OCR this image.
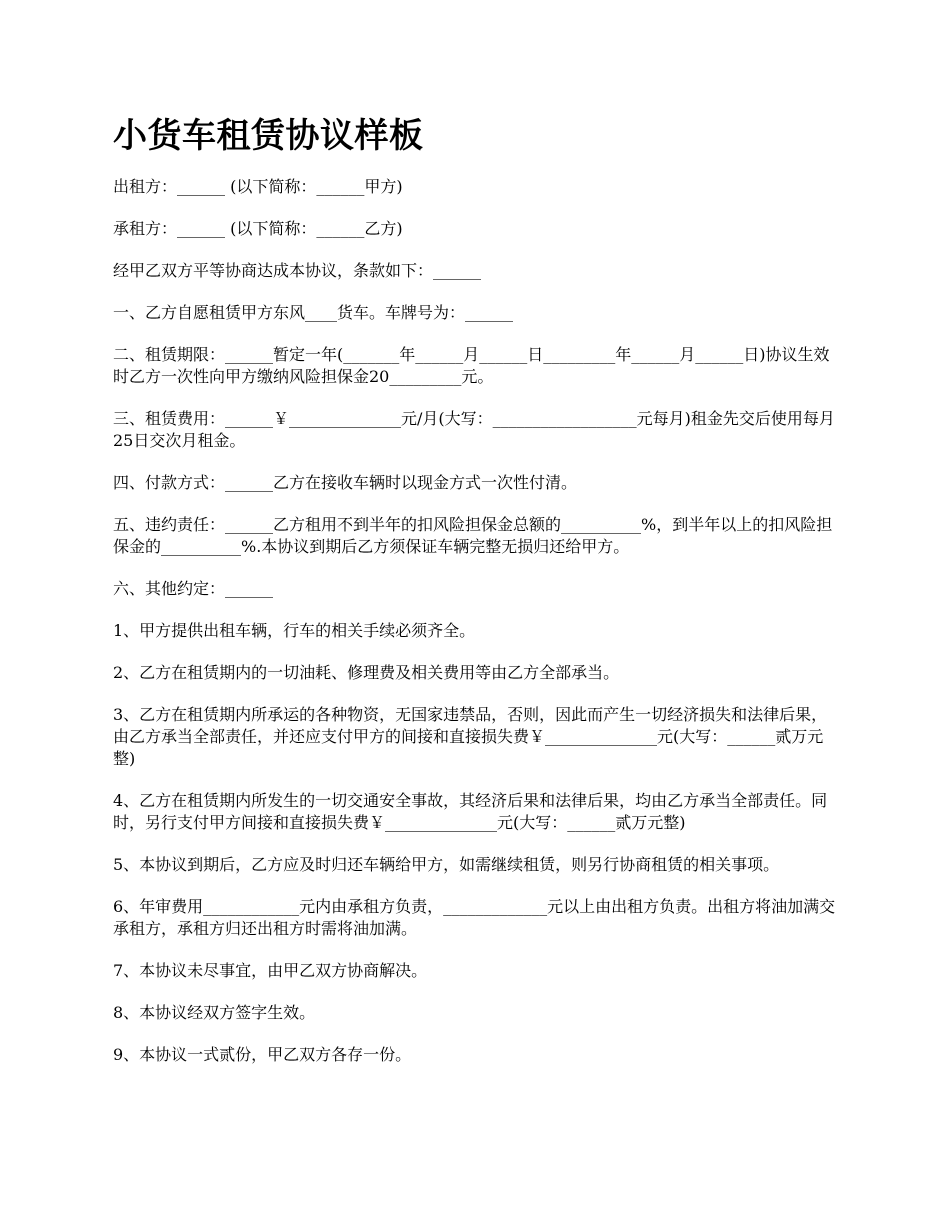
小货车租赁协议样板

出租方：______ (以下简称：______甲方)

承租方：______ (以下简称：______乙方)

经甲乙双方平等协商达成本协议，条款如下：______

一、乙方自愿租赁甲方东风____货车。车牌号为：______

二、租赁期限：______暂定一年(_______年______月______日_________年______月______日)协议生效时乙方一次性向甲方缴纳风险担保金20_________元。

三、租赁费用：______￥______________元/月(大写：__________________元每月)租金先交后使用每月25日交次月租金。

四、付款方式：______乙方在接收车辆时以现金方式一次性付清。

五、违约责任：______乙方租用不到半年的扣风险担保金总额的__________%，到半年以上的扣风险担保金的__________%.本协议到期后乙方须保证车辆完整无损归还给甲方。

六、其他约定：______

1、甲方提供出租车辆，行车的相关手续必须齐全。

2、乙方在租赁期内的一切油耗、修理费及相关费用等由乙方全部承当。

3、乙方在租赁期内所承运的各种物资，无国家违禁品，否则，因此而产生一切经济损失和法律后果，由乙方承当全部责任，并还应支付甲方的间接和直接损失费￥______________元(大写：______贰万元整)

4、乙方在租赁期内所发生的一切交通安全事故，其经济后果和法律后果，均由乙方承当全部责任。同时，另行支付甲方间接和直接损失费￥______________元(大写：______贰万元整)

5、本协议到期后，乙方应及时归还车辆给甲方，如需继续租赁，则另行协商租赁的相关事项。

6、年审费用____________元内由承租方负责，_____________元以上由出租方负责。出租方将油加满交承租方，承租方归还出租方时需将油加满。

7、本协议未尽事宜，由甲乙双方协商解决。

8、本协议经双方签字生效。

9、本协议一式贰份，甲乙双方各存一份。
